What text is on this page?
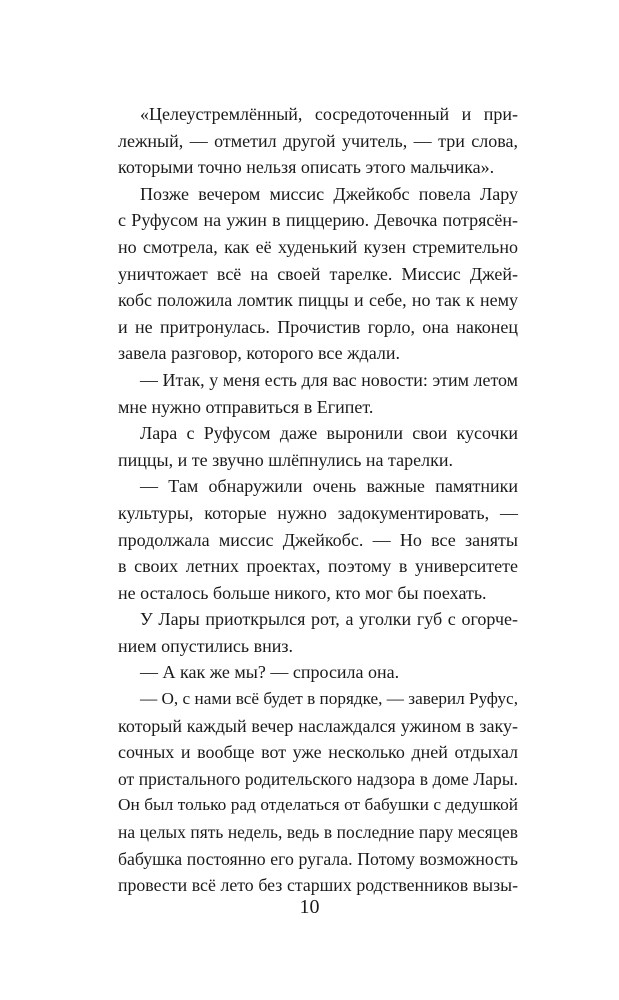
«Целеустремлённый, сосредоточенный и при-
лежный, — отметил другой учитель, — три слова,
которыми точно нельзя описать этого мальчика».
Позже вечером миссис Джейкобс повела Лару
с Руфусом на ужин в пиццерию. Девочка потрясён-
но смотрела, как её худенький кузен стремительно
уничтожает всё на своей тарелке. Миссис Джей-
кобс положила ломтик пиццы и себе, но так к нему
и не притронулась. Прочистив горло, она наконец
завела разговор, которого все ждали.
— Итак, у меня есть для вас новости: этим летом
мне нужно отправиться в Египет.
Лара с Руфусом даже выронили свои кусочки
пиццы, и те звучно шлёпнулись на тарелки.
— Там обнаружили очень важные памятники
культуры, которые нужно задокументировать, —
продолжала миссис Джейкобс. — Но все заняты
в своих летних проектах, поэтому в университете
не осталось больше никого, кто мог бы поехать.
У Лары приоткрылся рот, а уголки губ с огорче-
нием опустились вниз.
— А как же мы? — спросила она.
— О, с нами всё будет в порядке, — заверил Руфус,
который каждый вечер наслаждался ужином в заку-
сочных и вообще вот уже несколько дней отдыхал
от пристального родительского надзора в доме Лары.
Он был только рад отделаться от бабушки с дедушкой
на целых пять недель, ведь в последние пару месяцев
бабушка постоянно его ругала. Потому возможность
провести всё лето без старших родственников вызы-
10
